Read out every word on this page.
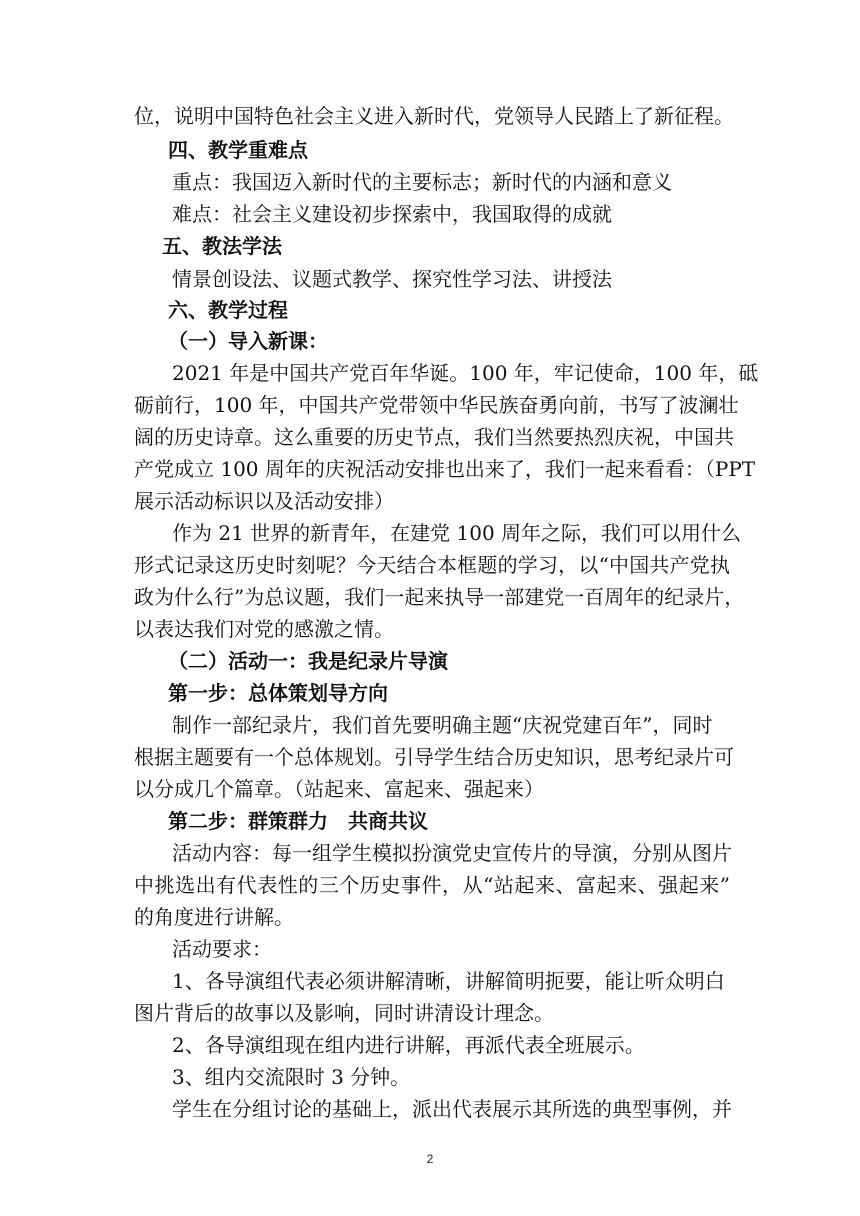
位，说明中国特色社会主义进入新时代，党领导人民踏上了新征程。
四、教学重难点
重点：我国迈入新时代的主要标志；新时代的内涵和意义
难点：社会主义建设初步探索中，我国取得的成就
五、教法学法
情景创设法、议题式教学、探究性学习法、讲授法
六、教学过程
（一）导入新课：
2021 年是中国共产党百年华诞。100 年，牢记使命，100 年，砥
砺前行，100 年，中国共产党带领中华民族奋勇向前，书写了波澜壮
阔的历史诗章。这么重要的历史节点，我们当然要热烈庆祝，中国共
产党成立 100 周年的庆祝活动安排也出来了，我们一起来看看：（PPT
展示活动标识以及活动安排）
作为 21 世界的新青年，在建党 100 周年之际，我们可以用什么
形式记录这历史时刻呢？今天结合本框题的学习，以“中国共产党执
政为什么行”为总议题，我们一起来执导一部建党一百周年的纪录片，
以表达我们对党的感激之情。
（二）活动一：我是纪录片导演
第一步：总体策划导方向
制作一部纪录片，我们首先要明确主题“庆祝党建百年”，同时
根据主题要有一个总体规划。引导学生结合历史知识，思考纪录片可
以分成几个篇章。（站起来、富起来、强起来）
第二步：群策群力　共商共议
活动内容：每一组学生模拟扮演党史宣传片的导演，分别从图片
中挑选出有代表性的三个历史事件，从“站起来、富起来、强起来”
的角度进行讲解。
活动要求：
1、各导演组代表必须讲解清晰，讲解简明扼要，能让听众明白
图片背后的故事以及影响，同时讲清设计理念。
2、各导演组现在组内进行讲解，再派代表全班展示。
3、组内交流限时 3 分钟。
学生在分组讨论的基础上，派出代表展示其所选的典型事例，并
2
